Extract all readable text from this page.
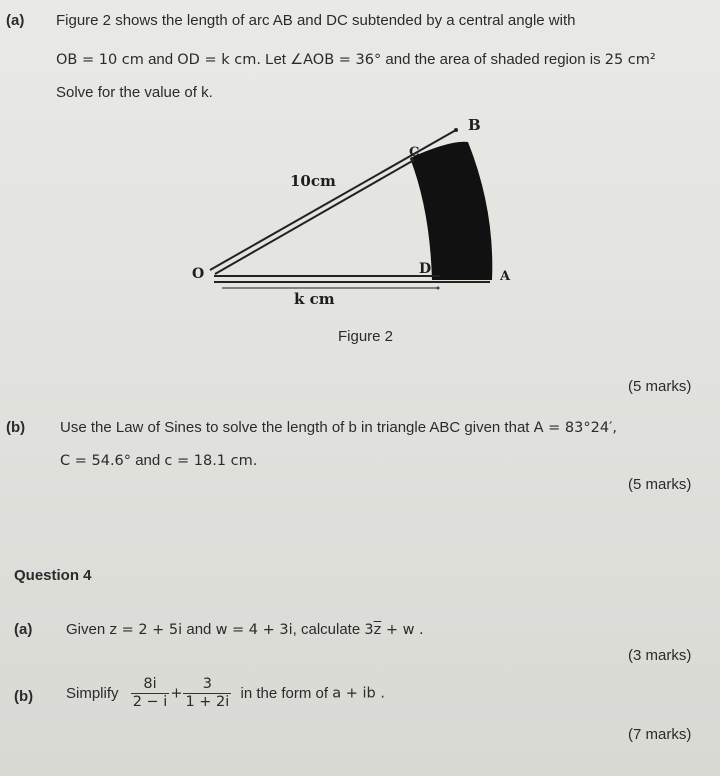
(a) Figure 2 shows the length of arc AB and DC subtended by a central angle with
OB = 10 cm and OD = k cm. Let ∠AOB = 36° and the area of shaded region is 25 cm²
Solve for the value of k.
B
C
10cm
O	D	A
k cm
Figure 2
(5 marks)
(b) Use the Law of Sines to solve the length of b in triangle ABC given that A = 83°24′,
C = 54.6° and c = 18.1 cm.
(5 marks)
Question 4
(a) Given z = 2 + 5i and w = 4 + 3i, calculate $3\overline{z} + w$ .
(3 marks)
(b) Simplify $\frac{8i}{2 - i} + \frac{3}{1 + 2i}$ in the form of a + ib .
(7 marks)
